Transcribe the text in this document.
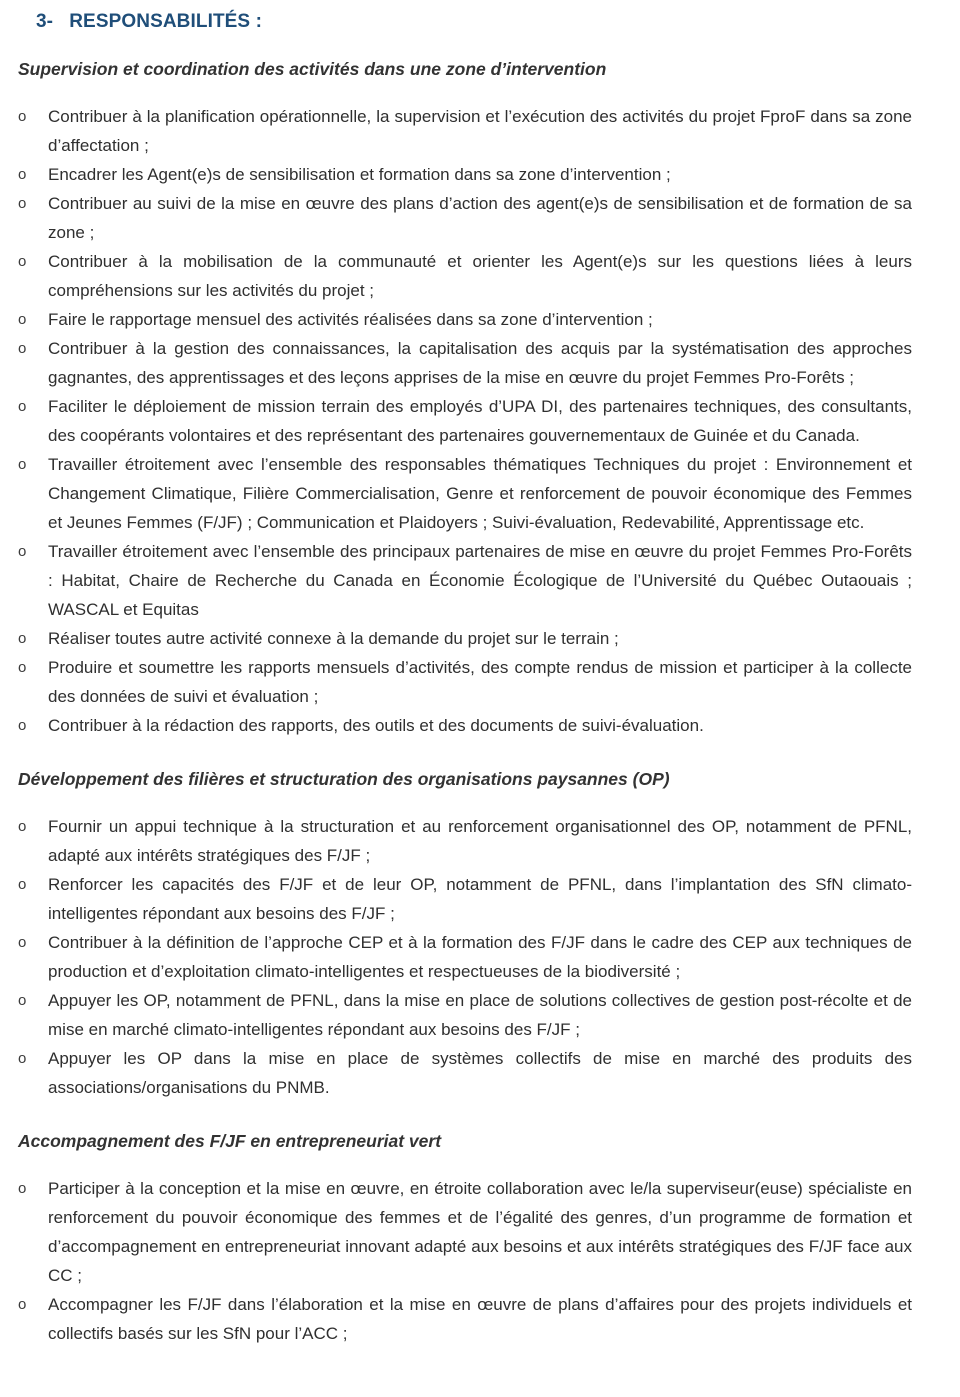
3-   RESPONSABILITÉS :
Supervision et coordination des activités dans une zone d’intervention
o Contribuer à la planification opérationnelle, la supervision et l’exécution des activités du projet FproF dans sa zone d’affectation ;
o Encadrer les Agent(e)s de sensibilisation et formation dans sa zone d’intervention ;
o Contribuer au suivi de la mise en œuvre des plans d’action des agent(e)s de sensibilisation et de formation de sa zone ;
o Contribuer à la mobilisation de la communauté et orienter les Agent(e)s sur les questions liées à leurs compréhensions sur les activités du projet ;
o Faire le rapportage mensuel des activités réalisées dans sa zone d’intervention ;
o Contribuer à la gestion des connaissances, la capitalisation des acquis par la systématisation des approches gagnantes, des apprentissages et des leçons apprises de la mise en œuvre du projet Femmes Pro-Forêts ;
o Faciliter le déploiement de mission terrain des employés d’UPA DI, des partenaires techniques, des consultants, des coopérants volontaires et des représentant des partenaires gouvernementaux de Guinée et du Canada.
o Travailler étroitement avec l’ensemble des responsables thématiques Techniques du projet : Environnement et Changement Climatique, Filière Commercialisation, Genre et renforcement de pouvoir économique des Femmes et Jeunes Femmes (F/JF) ; Communication et Plaidoyers ; Suivi-évaluation, Redevabilité, Apprentissage etc.
o Travailler étroitement avec l’ensemble des principaux partenaires de mise en œuvre du projet Femmes Pro-Forêts : Habitat, Chaire de Recherche du Canada en Économie Écologique de l’Université du Québec Outaouais ; WASCAL et Equitas
o Réaliser toutes autre activité connexe à la demande du projet sur le terrain ;
o Produire et soumettre les rapports mensuels d’activités, des compte rendus de mission et participer à la collecte des données de suivi et évaluation ;
o Contribuer à la rédaction des rapports, des outils et des documents de suivi-évaluation.
Développement des filières et structuration des organisations paysannes (OP)
o Fournir un appui technique à la structuration et au renforcement organisationnel des OP, notamment de PFNL, adapté aux intérêts stratégiques des F/JF ;
o Renforcer les capacités des F/JF et de leur OP, notamment de PFNL, dans l’implantation des SfN climato-intelligentes répondant aux besoins des F/JF ;
o Contribuer à la définition de l’approche CEP et à la formation des F/JF dans le cadre des CEP aux techniques de production et d’exploitation climato-intelligentes et respectueuses de la biodiversité ;
o Appuyer les OP, notamment de PFNL, dans la mise en place de solutions collectives de gestion post-récolte et de mise en marché climato-intelligentes répondant aux besoins des F/JF ;
o Appuyer les OP dans la mise en place de systèmes collectifs de mise en marché des produits des associations/organisations du PNMB.
Accompagnement des F/JF en entrepreneuriat vert
o Participer à la conception et la mise en œuvre, en étroite collaboration avec le/la superviseur(euse) spécialiste en renforcement du pouvoir économique des femmes et de l’égalité des genres, d’un programme de formation et d’accompagnement en entrepreneuriat innovant adapté aux besoins et aux intérêts stratégiques des F/JF face aux CC ;
o Accompagner les F/JF dans l’élaboration et la mise en œuvre de plans d’affaires pour des projets individuels et collectifs basés sur les SfN pour l’ACC ;
